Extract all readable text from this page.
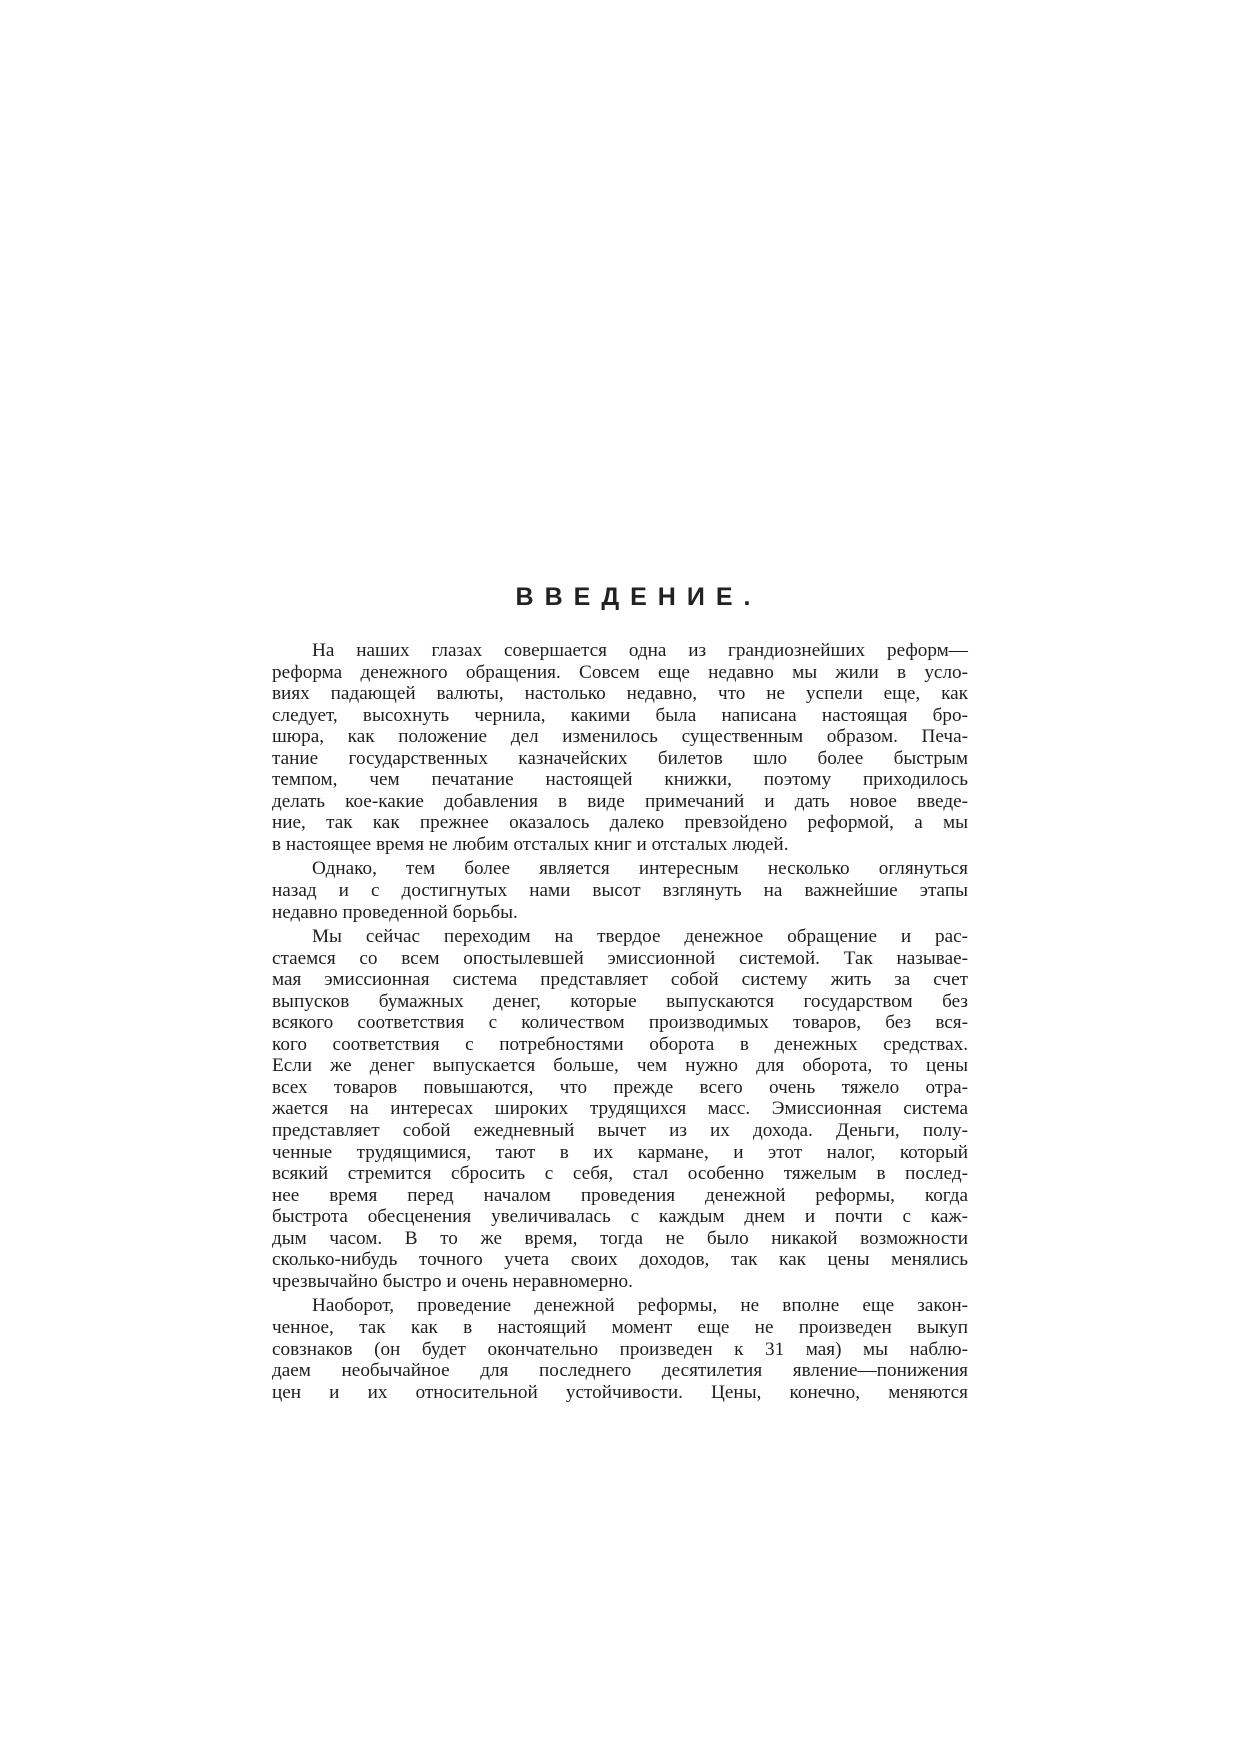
ВВЕДЕНИЕ.
На наших глазах совершается одна из грандиознейших реформ—
реформа денежного обращения. Совсем еще недавно мы жили в усло-
виях падающей валюты, настолько недавно, что не успели еще, как
следует, высохнуть чернила, какими была написана настоящая бро-
шюра, как положение дел изменилось существенным образом. Печа-
тание государственных казначейских билетов шло более быстрым
темпом, чем печатание настоящей книжки, поэтому приходилось
делать кое-какие добавления в виде примечаний и дать новое введе-
ние, так как прежнее оказалось далеко превзойдено реформой, а мы
в настоящее время не любим отсталых книг и отсталых людей.
Однако, тем более является интересным несколько оглянуться
назад и с достигнутых нами высот взглянуть на важнейшие этапы
недавно проведенной борьбы.
Мы сейчас переходим на твердое денежное обращение и рас-
стаемся со всем опостылевшей эмиссионной системой. Так называе-
мая эмиссионная система представляет собой систему жить за счет
выпусков бумажных денег, которые выпускаются государством без
всякого соответствия с количеством производимых товаров, без вся-
кого соответствия с потребностями оборота в денежных средствах.
Если же денег выпускается больше, чем нужно для оборота, то цены
всех товаров повышаются, что прежде всего очень тяжело отра-
жается на интересах широких трудящихся масс. Эмиссионная система
представляет собой ежедневный вычет из их дохода. Деньги, полу-
ченные трудящимися, тают в их кармане, и этот налог, который
всякий стремится сбросить с себя, стал особенно тяжелым в послед-
нее время перед началом проведения денежной реформы, когда
быстрота обесценения увеличивалась с каждым днем и почти с каж-
дым часом. В то же время, тогда не было никакой возможности
сколько-нибудь точного учета своих доходов, так как цены менялись
чрезвычайно быстро и очень неравномерно.
Наоборот, проведение денежной реформы, не вполне еще закон-
ченное, так как в настоящий момент еще не произведен выкуп
совзнаков (он будет окончательно произведен к 31 мая) мы наблю-
даем необычайное для последнего десятилетия явление—понижения
цен и их относительной устойчивости. Цены, конечно, меняются
